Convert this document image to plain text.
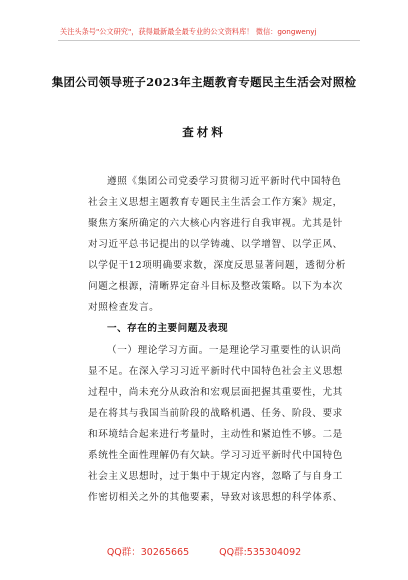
关注头条号"公文研究"，获得最新最全最专业的公文资料库！ 微信：gongwenyj
集团公司领导班子2023年主题教育专题民主生活会对照检
查材料
遵照《集团公司党委学习贯彻习近平新时代中国特色
社会主义思想主题教育专题民主生活会工作方案》规定，
聚焦方案所确定的六大核心内容进行自我审视。尤其是针
对习近平总书记提出的以学铸魂、以学增智、以学正风、
以学促干12项明确要求数，深度反思显著问题，透彻分析
问题之根源，清晰界定奋斗目标及整改策略。以下为本次
对照检查发言。
一、存在的主要问题及表现
（一）理论学习方面。一是理论学习重要性的认识尚
显不足。在深入学习习近平新时代中国特色社会主义思想
过程中，尚未充分从政治和宏观层面把握其重要性，尤其
是在将其与我国当前阶段的战略机遇、任务、阶段、要求
和环境结合起来进行考量时，主动性和紧迫性不够。二是
系统性全面性理解仍有欠缺。学习习近平新时代中国特色
社会主义思想时，过于集中于规定内容，忽略了与自身工
作密切相关之外的其他要素，导致对该思想的科学体系、
QQ群：30265665	QQ群:535304092
